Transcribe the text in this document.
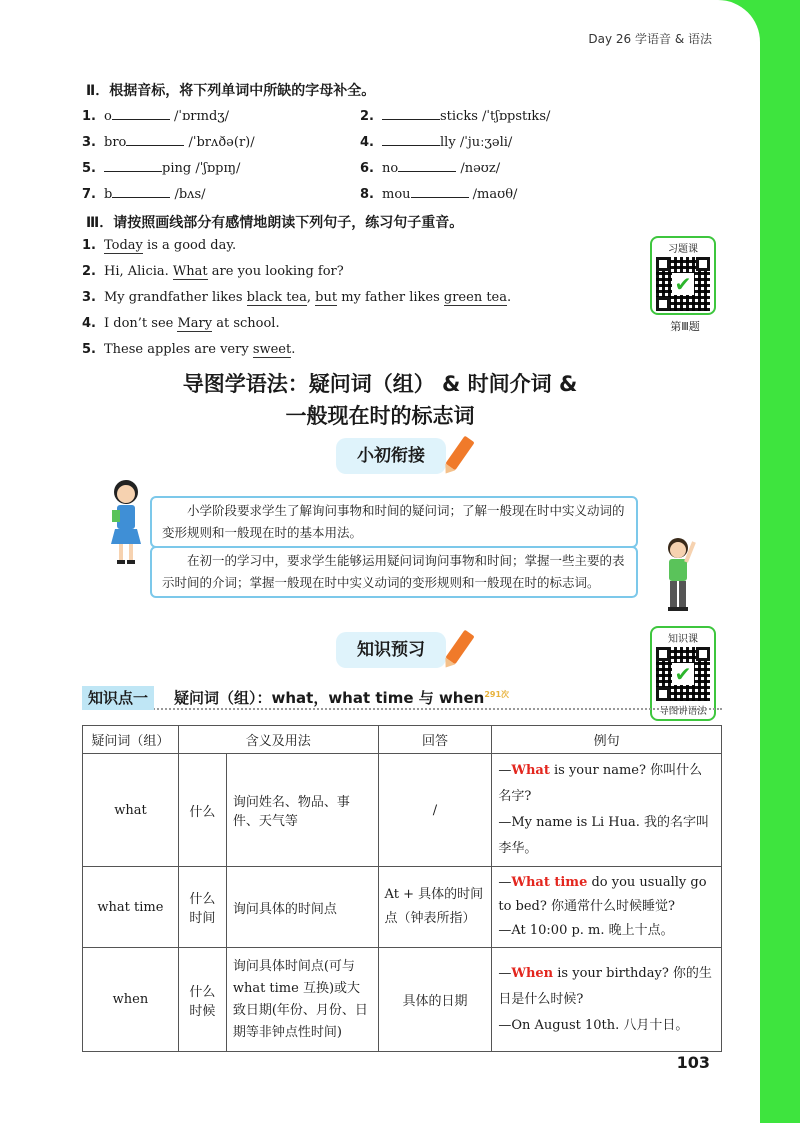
Day 26 学语音 & 语法
Ⅱ．根据音标，将下列单词中所缺的字母补全。
1. o	/ˈɒrɪndʒ/	2.	sticks /ˈtʃɒpstɪks/
3. bro	/ˈbrʌðə(r)/	4.	lly /ˈjuːʒəli/
5.	ping /ˈʃɒpɪŋ/	6. no	/nəʊz/
7. b	/bʌs/	8. mou	/maʊθ/
Ⅲ．请按照画线部分有感情地朗读下列句子，练习句子重音。
1. Today is a good day.
2. Hi, Alicia. What are you looking for?
3. My grandfather likes black tea, but my father likes green tea.
4. I don’t see Mary at school.
5. These apples are very sweet.
习题课
✔
第Ⅲ题
导图学语法：疑问词（组） & 时间介词 &
一般现在时的标志词
小初衔接
小学阶段要求学生了解询问事物和时间的疑问词；了解一般现在时中实义动词的变形规则和一般现在时的基本用法。
在初一的学习中，要求学生能够运用疑问词询问事物和时间；掌握一些主要的表示时间的介词；掌握一般现在时中实义动词的变形规则和一般现在时的标志词。
知识预习
知识课
✔
导图讲语法
知识点一	疑问词（组）：what，what time 与 when$^{291次}$
疑问词（组）	含义及用法		回答	例句
what	什么	询问姓名、物品、事件、天气等	/	—What is your name? 你叫什么名字?
—My name is Li Hua. 我的名字叫李华。
what time	什么时间	询问具体的时间点	At + 具体的时间点（钟表所指）	—What time do you usually go to bed? 你通常什么时候睡觉?
—At 10:00 p. m. 晚上十点。
when	什么时候	询问具体时间点(可与 what time 互换)或大致日期(年份、月份、日期等非钟点性时间)	具体的日期	—When is your birthday? 你的生日是什么时候?
—On August 10th. 八月十日。
103
